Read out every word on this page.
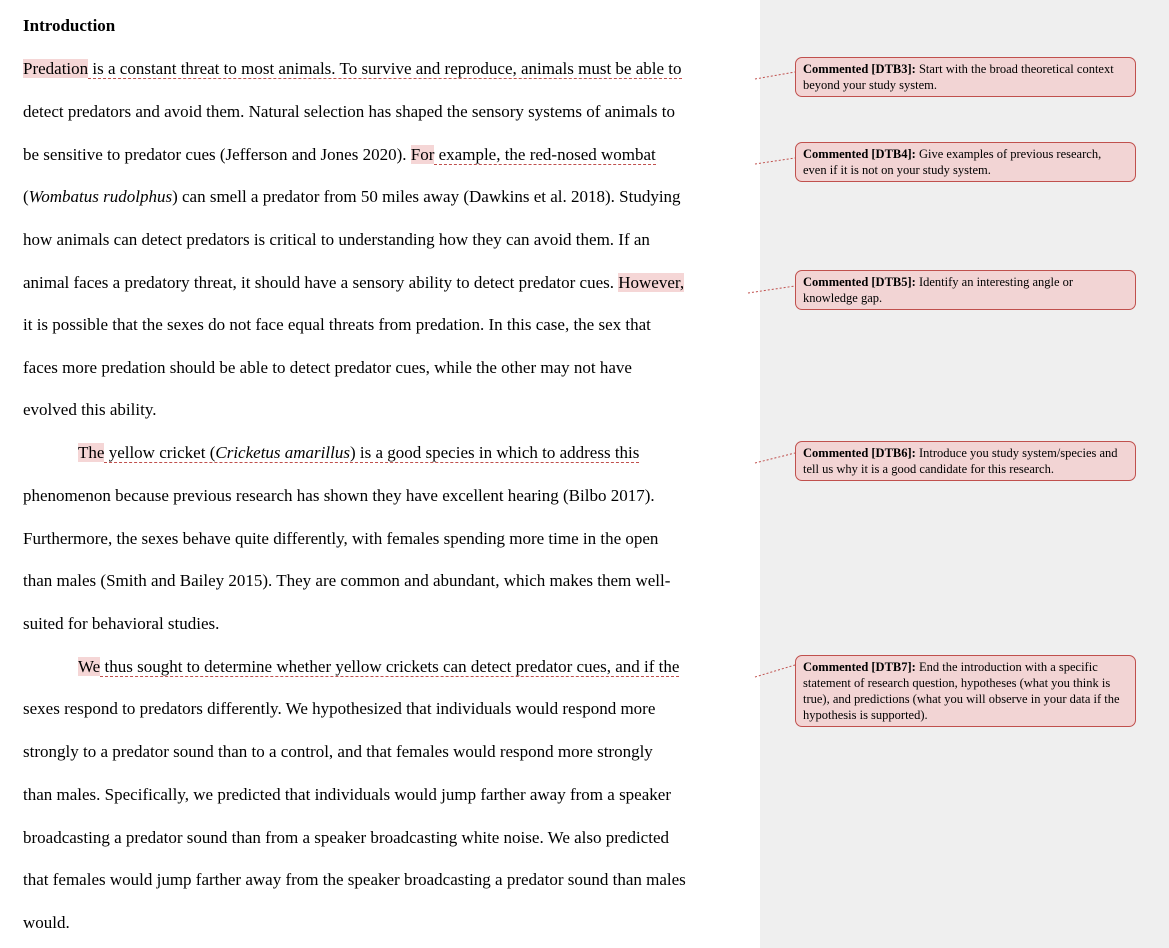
Introduction
Predation is a constant threat to most animals. To survive and reproduce, animals must be able to
detect predators and avoid them. Natural selection has shaped the sensory systems of animals to
be sensitive to predator cues (Jefferson and Jones 2020). For example, the red-nosed wombat
(Wombatus rudolphus) can smell a predator from 50 miles away (Dawkins et al. 2018). Studying
how animals can detect predators is critical to understanding how they can avoid them. If an
animal faces a predatory threat, it should have a sensory ability to detect predator cues. However,
it is possible that the sexes do not face equal threats from predation. In this case, the sex that
faces more predation should be able to detect predator cues, while the other may not have
evolved this ability.
The yellow cricket (Cricketus amarillus) is a good species in which to address this
phenomenon because previous research has shown they have excellent hearing (Bilbo 2017).
Furthermore, the sexes behave quite differently, with females spending more time in the open
than males (Smith and Bailey 2015). They are common and abundant, which makes them well-
suited for behavioral studies.
We thus sought to determine whether yellow crickets can detect predator cues, and if the
sexes respond to predators differently. We hypothesized that individuals would respond more
strongly to a predator sound than to a control, and that females would respond more strongly
than males. Specifically, we predicted that individuals would jump farther away from a speaker
broadcasting a predator sound than from a speaker broadcasting white noise. We also predicted
that females would jump farther away from the speaker broadcasting a predator sound than males
would.
Commented [DTB3]: Start with the broad theoretical context beyond your study system.
Commented [DTB4]: Give examples of previous research, even if it is not on your study system.
Commented [DTB5]: Identify an interesting angle or knowledge gap.
Commented [DTB6]: Introduce you study system/species and tell us why it is a good candidate for this research.
Commented [DTB7]: End the introduction with a specific statement of research question, hypotheses (what you think is true), and predictions (what you will observe in your data if the hypothesis is supported).
